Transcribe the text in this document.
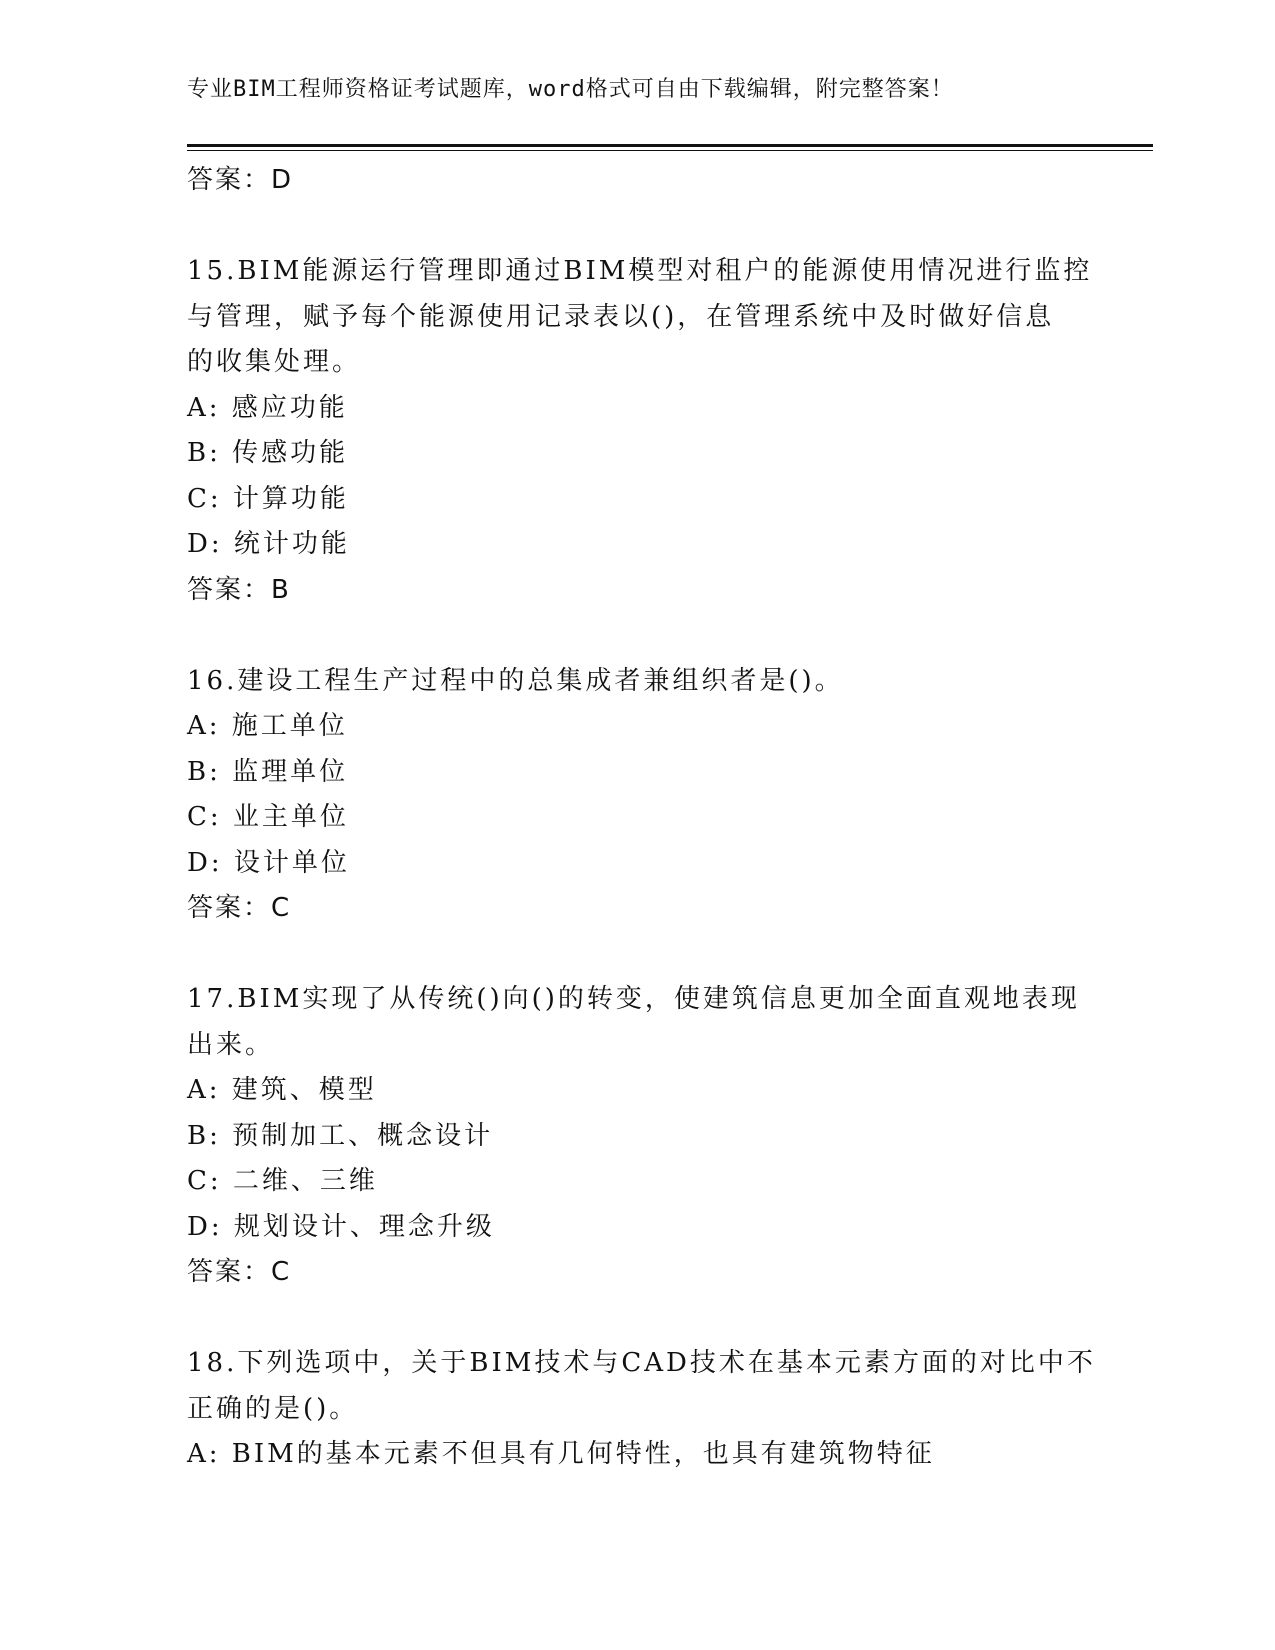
专业BIM工程师资格证考试题库，word格式可自由下载编辑，附完整答案！
答案：D
15.BIM能源运行管理即通过BIM模型对租户的能源使用情况进行监控
与管理，赋予每个能源使用记录表以()，在管理系统中及时做好信息
的收集处理。
A: 感应功能
B: 传感功能
C: 计算功能
D: 统计功能
答案：B
16.建设工程生产过程中的总集成者兼组织者是()。
A: 施工单位
B: 监理单位
C: 业主单位
D: 设计单位
答案：C
17.BIM实现了从传统()向()的转变，使建筑信息更加全面直观地表现
出来。
A: 建筑、模型
B: 预制加工、概念设计
C: 二维、三维
D: 规划设计、理念升级
答案：C
18.下列选项中，关于BIM技术与CAD技术在基本元素方面的对比中不
正确的是()。
A: BIM的基本元素不但具有几何特性，也具有建筑物特征
